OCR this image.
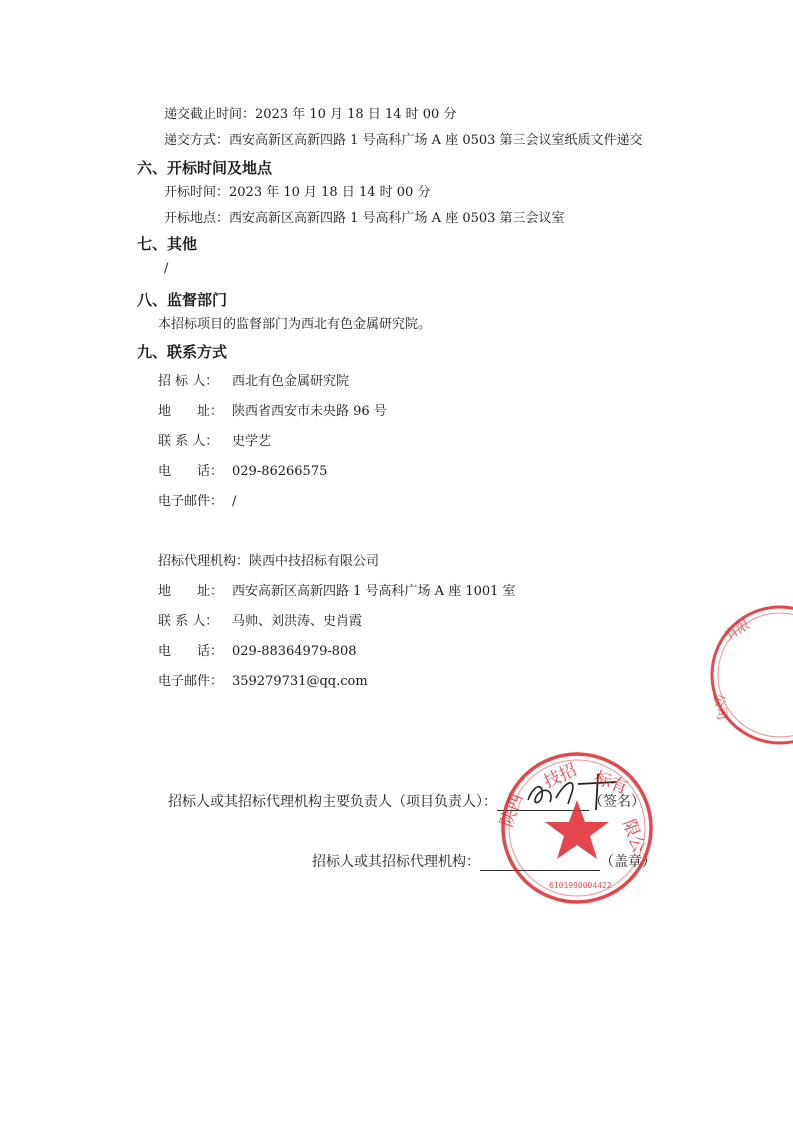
递交截止时间：2023 年 10 月 18 日 14 时 00 分
递交方式：西安高新区高新四路 1 号高科广场 A 座 0503 第三会议室纸质文件递交
六、开标时间及地点
开标时间：2023 年 10 月 18 日 14 时 00 分
开标地点：西安高新区高新四路 1 号高科广场 A 座 0503 第三会议室
七、其他
/
八、监督部门
本招标项目的监督部门为西北有色金属研究院。
九、联系方式
招 标 人： 西北有色金属研究院
地　　址： 陕西省西安市未央路 96 号
联 系 人： 史学艺
电　　话： 029-86266575
电子邮件： /
招标代理机构：陕西中技招标有限公司
地　　址： 西安高新区高新四路 1 号高科广场 A 座 1001 室
联 系 人： 马帅、刘洪涛、史肖霞
电　　话： 029-88364979-808
电子邮件： 359279731@qq.com
有限
公司
招标人或其招标代理机构主要负责人（项目负责人）：	（签名）
招标人或其招标代理机构：	（盖章）
技招 标有
限公
陕西
6101990004422
